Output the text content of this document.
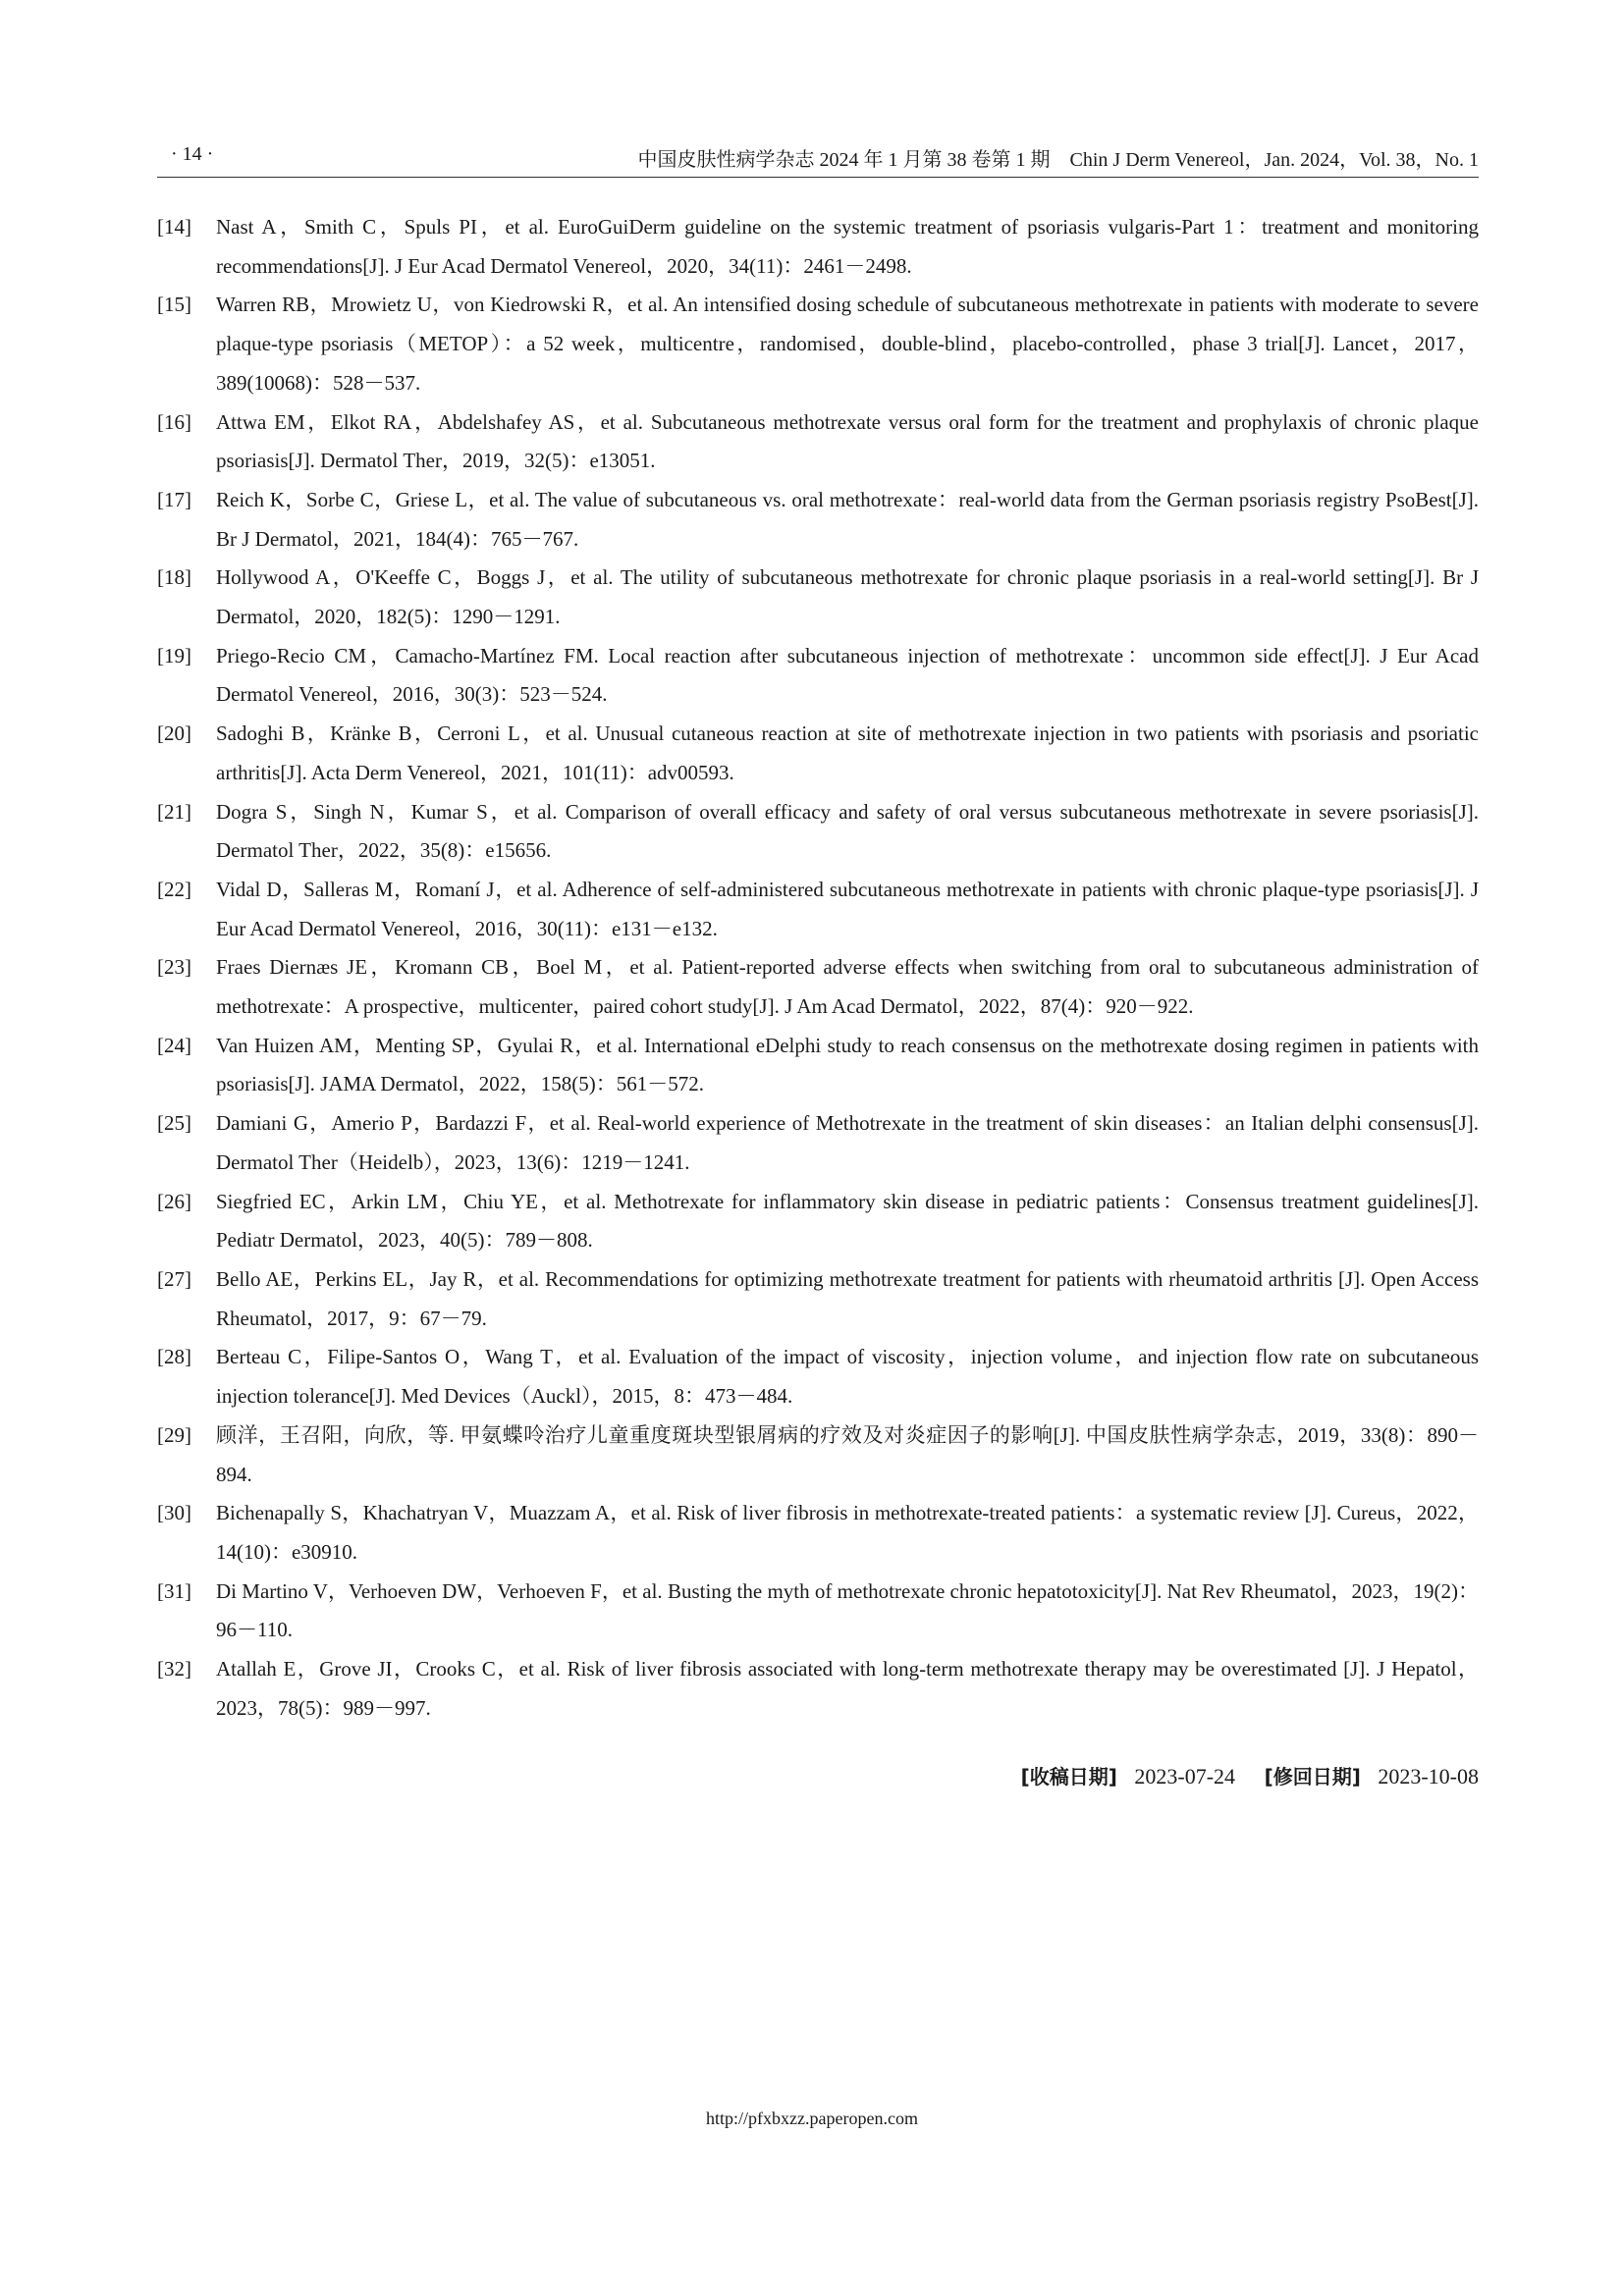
· 14 ·	中国皮肤性病学杂志 2024 年 1 月第 38 卷第 1 期　Chin J Derm Venereol，Jan. 2024，Vol. 38，No. 1
[14] Nast A，Smith C，Spuls PI，et al. EuroGuiDerm guideline on the systemic treatment of psoriasis vulgaris-Part 1：treatment and monitoring recommendations[J]. J Eur Acad Dermatol Venereol，2020，34(11)：2461－2498.
[15] Warren RB，Mrowietz U，von Kiedrowski R，et al. An intensified dosing schedule of subcutaneous methotrexate in patients with moderate to severe plaque-type psoriasis（METOP）：a 52 week，multicentre，randomised，double-blind，placebo-controlled，phase 3 trial[J]. Lancet，2017，389(10068)：528－537.
[16] Attwa EM，Elkot RA，Abdelshafey AS，et al. Subcutaneous methotrexate versus oral form for the treatment and prophylaxis of chronic plaque psoriasis[J]. Dermatol Ther，2019，32(5)：e13051.
[17] Reich K，Sorbe C，Griese L，et al. The value of subcutaneous vs. oral methotrexate：real-world data from the German psoriasis registry PsoBest[J]. Br J Dermatol，2021，184(4)：765－767.
[18] Hollywood A，O'Keeffe C，Boggs J，et al. The utility of subcutaneous methotrexate for chronic plaque psoriasis in a real-world setting[J]. Br J Dermatol，2020，182(5)：1290－1291.
[19] Priego-Recio CM，Camacho-Martínez FM. Local reaction after subcutaneous injection of methotrexate：uncommon side effect[J]. J Eur Acad Dermatol Venereol，2016，30(3)：523－524.
[20] Sadoghi B，Kränke B，Cerroni L，et al. Unusual cutaneous reaction at site of methotrexate injection in two patients with psoriasis and psoriatic arthritis[J]. Acta Derm Venereol，2021，101(11)：adv00593.
[21] Dogra S，Singh N，Kumar S，et al. Comparison of overall efficacy and safety of oral versus subcutaneous methotrexate in severe psoriasis[J]. Dermatol Ther，2022，35(8)：e15656.
[22] Vidal D，Salleras M，Romaní J，et al. Adherence of self-administered subcutaneous methotrexate in patients with chronic plaque-type psoriasis[J]. J Eur Acad Dermatol Venereol，2016，30(11)：e131－e132.
[23] Fraes Diernæs JE，Kromann CB，Boel M，et al. Patient-reported adverse effects when switching from oral to subcutaneous administration of methotrexate：A prospective，multicenter，paired cohort study[J]. J Am Acad Dermatol，2022，87(4)：920－922.
[24] Van Huizen AM，Menting SP，Gyulai R，et al. International eDelphi study to reach consensus on the methotrexate dosing regimen in patients with psoriasis[J]. JAMA Dermatol，2022，158(5)：561－572.
[25] Damiani G，Amerio P，Bardazzi F，et al. Real-world experience of Methotrexate in the treatment of skin diseases：an Italian delphi consensus[J]. Dermatol Ther（Heidelb），2023，13(6)：1219－1241.
[26] Siegfried EC，Arkin LM，Chiu YE，et al. Methotrexate for inflammatory skin disease in pediatric patients：Consensus treatment guidelines[J]. Pediatr Dermatol，2023，40(5)：789－808.
[27] Bello AE，Perkins EL，Jay R，et al. Recommendations for optimizing methotrexate treatment for patients with rheumatoid arthritis [J]. Open Access Rheumatol，2017，9：67－79.
[28] Berteau C，Filipe-Santos O，Wang T，et al. Evaluation of the impact of viscosity，injection volume，and injection flow rate on subcutaneous injection tolerance[J]. Med Devices（Auckl），2015，8：473－484.
[29] 顾洋，王召阳，向欣，等. 甲氨蝶呤治疗儿童重度斑块型银屑病的疗效及对炎症因子的影响[J]. 中国皮肤性病学杂志，2019，33(8)：890－894.
[30] Bichenapally S，Khachatryan V，Muazzam A，et al. Risk of liver fibrosis in methotrexate-treated patients：a systematic review [J]. Cureus，2022，14(10)：e30910.
[31] Di Martino V，Verhoeven DW，Verhoeven F，et al. Busting the myth of methotrexate chronic hepatotoxicity[J]. Nat Rev Rheumatol，2023，19(2)：96－110.
[32] Atallah E，Grove JI，Crooks C，et al. Risk of liver fibrosis associated with long-term methotrexate therapy may be overestimated [J]. J Hepatol，2023，78(5)：989－997.
[收稿日期] 2023-07-24 [修回日期] 2023-10-08
http://pfxbxzz.paperopen.com
